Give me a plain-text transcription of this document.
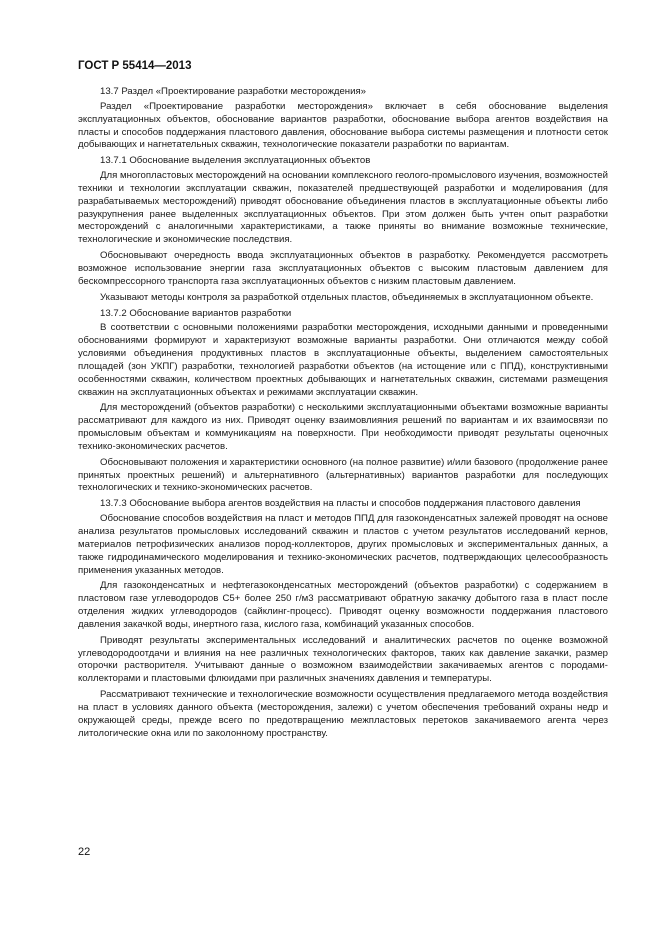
ГОСТ Р 55414—2013

13.7 Раздел «Проектирование разработки месторождения»

Раздел «Проектирование разработки месторождения» включает в себя обоснование выделения эксплуатационных объектов, обоснование вариантов разработки, обоснование выбора агентов воздействия на пласты и способов поддержания пластового давления, обоснование выбора системы размещения и плотности сеток добывающих и нагнетательных скважин, технологические показатели разработки по вариантам.

13.7.1 Обоснование выделения эксплуатационных объектов

Для многопластовых месторождений на основании комплексного геолого-промыслового изучения, возможностей техники и технологии эксплуатации скважин, показателей предшествующей разработки и моделирования (для разрабатываемых месторождений) приводят обоснование объединения пластов в эксплуатационные объекты либо разукрупнения ранее выделенных эксплуатационных объектов. При этом должен быть учтен опыт разработки месторождений с аналогичными характеристиками, а также приняты во внимание возможные технические, технологические и экономические последствия.

Обосновывают очередность ввода эксплуатационных объектов в разработку. Рекомендуется рассмотреть возможное использование энергии газа эксплуатационных объектов с высоким пластовым давлением для бескомпрессорного транспорта газа эксплуатационных объектов с низким пластовым давлением.

Указывают методы контроля за разработкой отдельных пластов, объединяемых в эксплуатационном объекте.

13.7.2 Обоснование вариантов разработки

В соответствии с основными положениями разработки месторождения, исходными данными и проведенными обоснованиями формируют и характеризуют возможные варианты разработки. Они отличаются между собой условиями объединения продуктивных пластов в эксплуатационные объекты, выделением самостоятельных площадей (зон УКПГ) разработки, технологией разработки объектов (на истощение или с ППД), конструктивными особенностями скважин, количеством проектных добывающих и нагнетательных скважин, системами размещения скважин на эксплуатационных объектах и режимами эксплуатации скважин.

Для месторождений (объектов разработки) с несколькими эксплуатационными объектами возможные варианты рассматривают для каждого из них. Приводят оценку взаимовлияния решений по вариантам и их взаимосвязи по промысловым объектам и коммуникациям на поверхности. При необходимости приводят результаты оценочных технико-экономических расчетов.

Обосновывают положения и характеристики основного (на полное развитие) и/или базового (продолжение ранее принятых проектных решений) и альтернативного (альтернативных) вариантов разработки для последующих технологических и технико-экономических расчетов.

13.7.3 Обоснование выбора агентов воздействия на пласты и способов поддержания пластового давления

Обоснование способов воздействия на пласт и методов ППД для газоконденсатных залежей проводят на основе анализа результатов промысловых исследований скважин и пластов с учетом результатов исследований кернов, материалов петрофизических анализов пород-коллекторов, других промысловых и экспериментальных данных, а также гидродинамического моделирования и технико-экономических расчетов, подтверждающих целесообразность применения указанных методов.

Для газоконденсатных и нефтегазоконденсатных месторождений (объектов разработки) с содержанием в пластовом газе углеводородов С5+ более 250 г/м3 рассматривают обратную закачку добытого газа в пласт после отделения жидких углеводородов (сайклинг-процесс). Приводят оценку возможности поддержания пластового давления закачкой воды, инертного газа, кислого газа, комбинаций указанных способов.

Приводят результаты экспериментальных исследований и аналитических расчетов по оценке возможной углеводородоотдачи и влияния на нее различных технологических факторов, таких как давление закачки, размер оторочки растворителя. Учитывают данные о возможном взаимодействии закачиваемых агентов с породами-коллекторами и пластовыми флюидами при различных значениях давления и температуры.

Рассматривают технические и технологические возможности осуществления предлагаемого метода воздействия на пласт в условиях данного объекта (месторождения, залежи) с учетом обеспечения требований охраны недр и окружающей среды, прежде всего по предотвращению межпластовых перетоков закачиваемого агента через литологические окна или по заколонному пространству.

22
